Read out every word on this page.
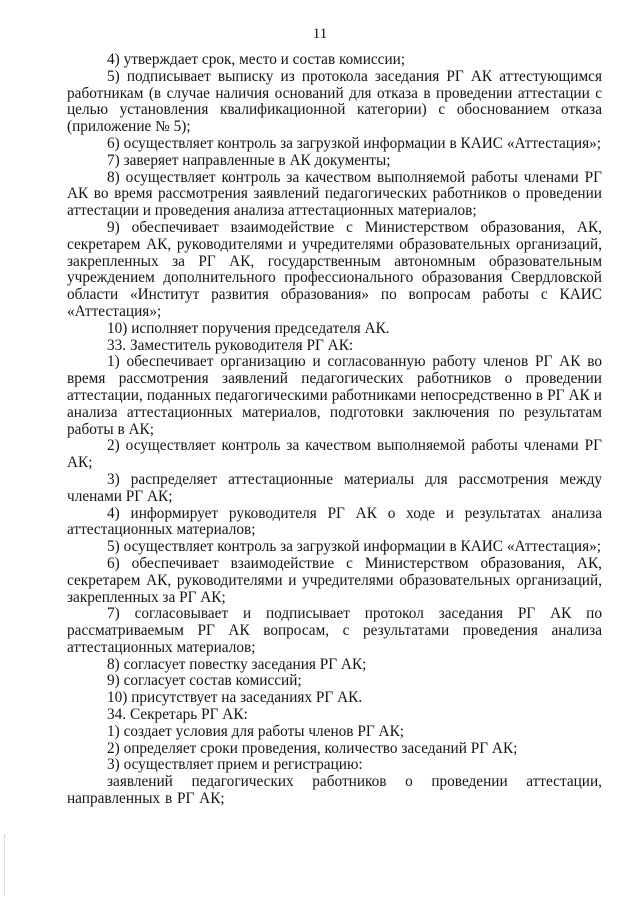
11

4) утверждает срок, место и состав комиссии;

5) подписывает выписку из протокола заседания РГ АК аттестующимся работникам (в случае наличия оснований для отказа в проведении аттестации с целью установления квалификационной категории) с обоснованием отказа (приложение № 5);

6) осуществляет контроль за загрузкой информации в КАИС «Аттестация»;

7) заверяет направленные в АК документы;

8) осуществляет контроль за качеством выполняемой работы членами РГ АК во время рассмотрения заявлений педагогических работников о проведении аттестации и проведения анализа аттестационных материалов;

9) обеспечивает взаимодействие с Министерством образования, АК, секретарем АК, руководителями и учредителями образовательных организаций, закрепленных за РГ АК, государственным автономным образовательным учреждением дополнительного профессионального образования Свердловской области «Институт развития образования» по вопросам работы с КАИС «Аттестация»;

10) исполняет поручения председателя АК.

33. Заместитель руководителя РГ АК:

1) обеспечивает организацию и согласованную работу членов РГ АК во время рассмотрения заявлений педагогических работников о проведении аттестации, поданных педагогическими работниками непосредственно в РГ АК и анализа аттестационных материалов, подготовки заключения по результатам работы в АК;

2) осуществляет контроль за качеством выполняемой работы членами РГ АК;

3) распределяет аттестационные материалы для рассмотрения между членами РГ АК;

4) информирует руководителя РГ АК о ходе и результатах анализа аттестационных материалов;

5) осуществляет контроль за загрузкой информации в КАИС «Аттестация»;

6) обеспечивает взаимодействие с Министерством образования, АК, секретарем АК, руководителями и учредителями образовательных организаций, закрепленных за РГ АК;

7) согласовывает и подписывает протокол заседания РГ АК по рассматриваемым РГ АК вопросам, с результатами проведения анализа аттестационных материалов;

8) согласует повестку заседания РГ АК;

9) согласует состав комиссий;

10) присутствует на заседаниях РГ АК.

34. Секретарь РГ АК:

1) создает условия для работы членов РГ АК;

2) определяет сроки проведения, количество заседаний РГ АК;

3) осуществляет прием и регистрацию:

заявлений педагогических работников о проведении аттестации, направленных в РГ АК;
